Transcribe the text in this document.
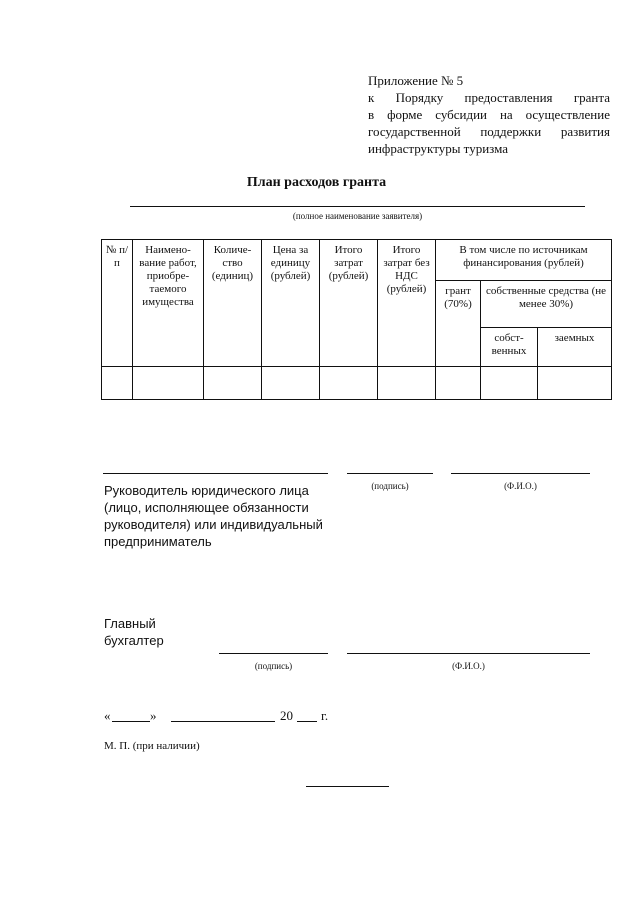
Приложение № 5
к Порядку предоставления гранта
в форме субсидии на осуществление
государственной поддержки развития
инфраструктуры туризма
План расходов гранта
(полное наименование заявителя)
№ п/п	Наимено-вание работ, приобре-таемого имущества	Количе-ство (единиц)	Цена за единицу (рублей)	Итого затрат (рублей)	Итого затрат без НДС (рублей)	В том числе по источникам финансирования (рублей)		
						грант (70%)	собственные средства (не менее 30%)	
							собст-венных	заемных

(подпись)	(Ф.И.О.)
Руководитель юридического лица (лицо, исполняющее обязанности руководителя) или индивидуальный предприниматель
Главный бухгалтер
(подпись)	(Ф.И.О.)
«	»	20 г.
М. П. (при наличии)
